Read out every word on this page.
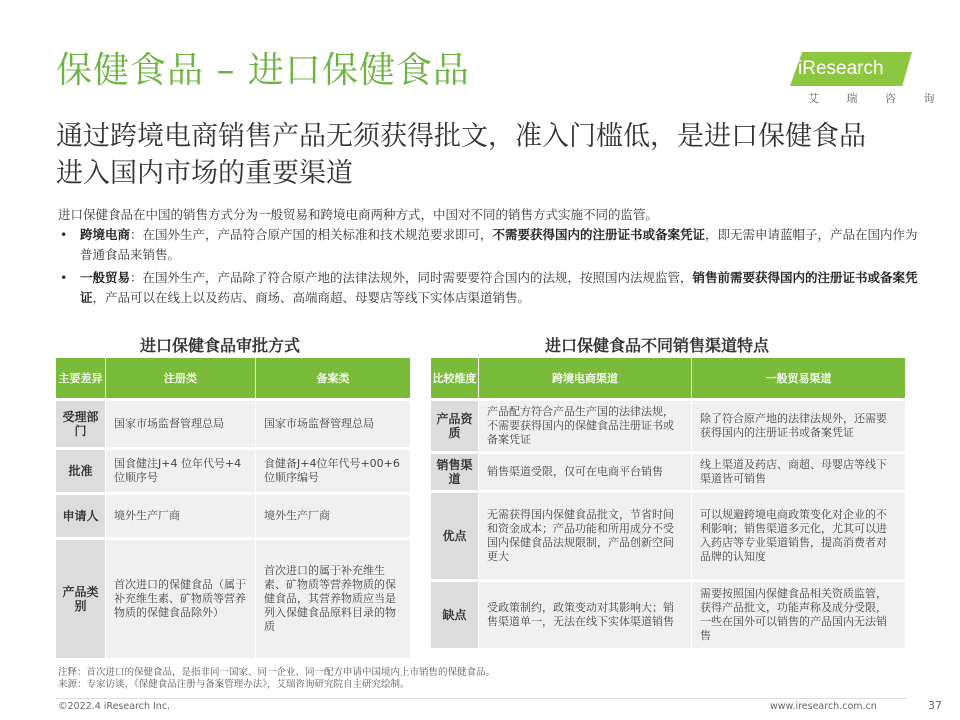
保健食品 – 进口保健食品	iResearch
艾 瑞 咨 询
通过跨境电商销售产品无须获得批文，准入门槛低，是进口保健食品进入国内市场的重要渠道
进口保健食品在中国的销售方式分为一般贸易和跨境电商两种方式，中国对不同的销售方式实施不同的监管。
• 跨境电商：在国外生产，产品符合原产国的相关标准和技术规范要求即可，不需要获得国内的注册证书或备案凭证，即无需申请蓝帽子，产品在国内作为普通食品来销售。
• 一般贸易：在国外生产，产品除了符合原产地的法律法规外，同时需要要符合国内的法规，按照国内法规监管，销售前需要获得国内的注册证书或备案凭证，产品可以在线上以及药店、商场、高端商超、母婴店等线下实体店渠道销售。
进口保健食品审批方式	进口保健食品不同销售渠道特点
主要差异	注册类	备案类
受理部门	国家市场监督管理总局	国家市场监督管理总局
批准	国食健注J+4 位年代号+4 位顺序号	食健备J+4位年代号+00+6位顺序编号
申请人	境外生产厂商	境外生产厂商
产品类别	首次进口的保健食品（属于补充维生素、矿物质等营养物质的保健食品除外）	首次进口的属于补充维生素、矿物质等营养物质的保健食品，其营养物质应当是列入保健食品原料目录的物质
比较维度	跨境电商渠道	一般贸易渠道
产品资质	产品配方符合产品生产国的法律法规，不需要获得国内的保健食品注册证书或备案凭证	除了符合原产地的法律法规外，还需要获得国内的注册证书或备案凭证
销售渠道	销售渠道受限，仅可在电商平台销售	线上渠道及药店、商超、母婴店等线下渠道皆可销售
优点	无需获得国内保健食品批文，节省时间和资金成本；产品功能和所用成分不受国内保健食品法规限制，产品创新空间更大	可以规避跨境电商政策变化对企业的不利影响；销售渠道多元化，尤其可以进入药店等专业渠道销售，提高消费者对品牌的认知度
缺点	受政策制约，政策变动对其影响大；销售渠道单一，无法在线下实体渠道销售	需要按照国内保健食品相关资质监管，获得产品批文，功能声称及成分受限，一些在国外可以销售的产品国内无法销售
注释：首次进口的保健食品，是指非同一国家、同一企业、同一配方申请中国境内上市销售的保健食品。
来源：专家访谈，《保健食品注册与备案管理办法》，艾瑞咨询研究院自主研究绘制。
©2022.4 iResearch Inc.	www.iresearch.com.cn	37
